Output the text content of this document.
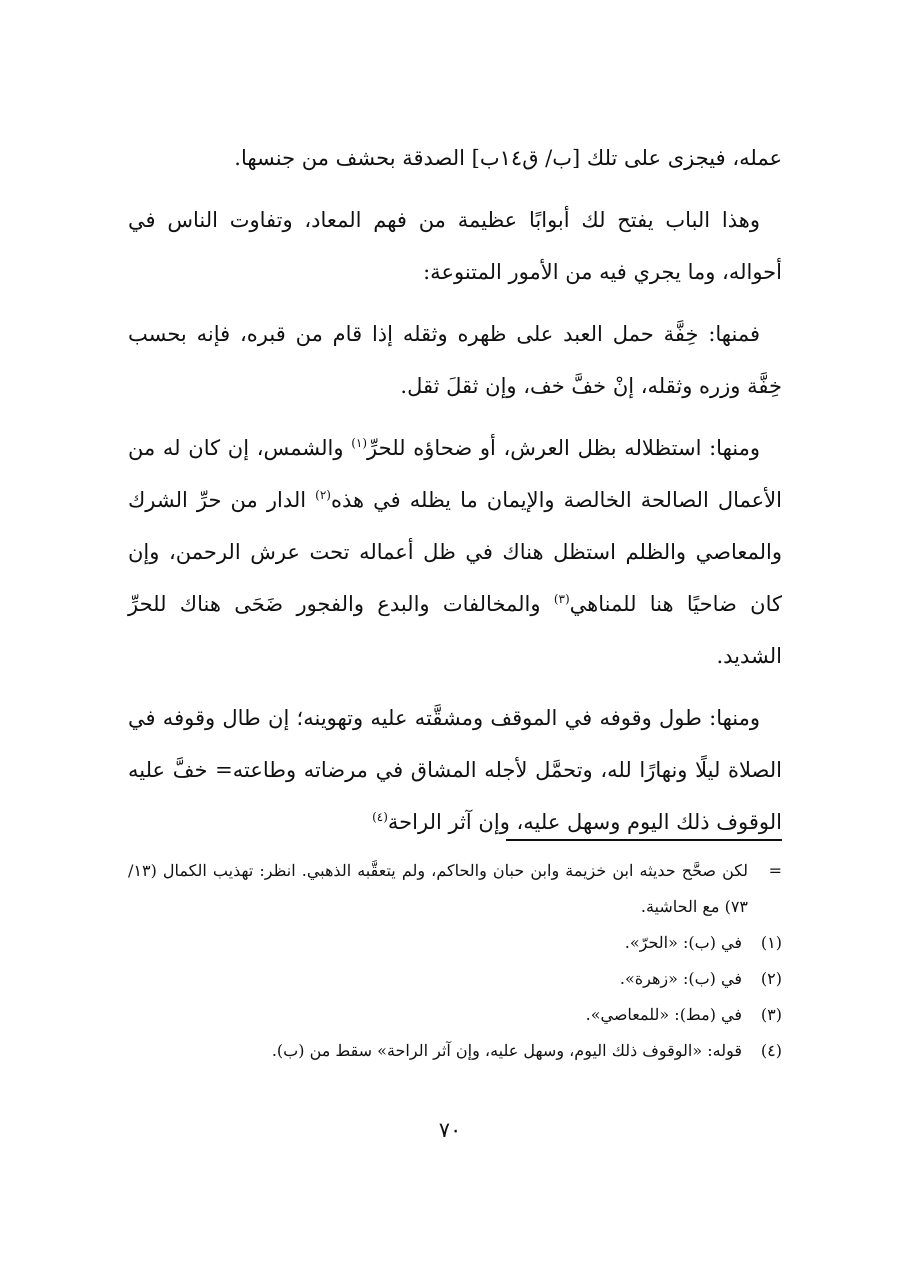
عمله، فيجزى على تلك [ب/ ق١٤ب] الصدقة بحشف من جنسها.

وهذا الباب يفتح لك أبوابًا عظيمة من فهم المعاد، وتفاوت الناس في أحواله، وما يجري فيه من الأمور المتنوعة:

فمنها: خِفَّة حمل العبد على ظهره وثقله إذا قام من قبره، فإنه بحسب خِفَّة وزره وثقله، إنْ خفَّ خف، وإن ثقلَ ثقل.

ومنها: استظلاله بظل العرش، أو ضحاؤه للحرِّ$^{(١)}$ والشمس، إن كان له من الأعمال الصالحة الخالصة والإيمان ما يظله في هذه$^{(٢)}$ الدار من حرِّ الشرك والمعاصي والظلم استظل هناك في ظل أعماله تحت عرش الرحمن، وإن كان ضاحيًا هنا للمناهي$^{(٣)}$ والمخالفات والبدع والفجور ضَحَى هناك للحرِّ الشديد.

ومنها: طول وقوفه في الموقف ومشقَّته عليه وتهوينه؛ إن طال وقوفه في الصلاة ليلًا ونهارًا لله، وتحمَّل لأجله المشاق في مرضاته وطاعته= خفَّ عليه الوقوف ذلك اليوم وسهل عليه، وإن آثر الراحة$^{(٤)}$

=
لكن صحَّح حديثه ابن خزيمة وابن حبان والحاكم، ولم يتعقَّبه الذهبي. انظر: تهذيب الكمال (١٣/ ٧٣) مع الحاشية.
(١)
في (ب): «الحرّ».
(٢)
في (ب): «زهرة».
(٣)
في (مط): «للمعاصي».
(٤)
قوله: «الوقوف ذلك اليوم، وسهل عليه، وإن آثر الراحة» سقط من (ب).
٧٠
